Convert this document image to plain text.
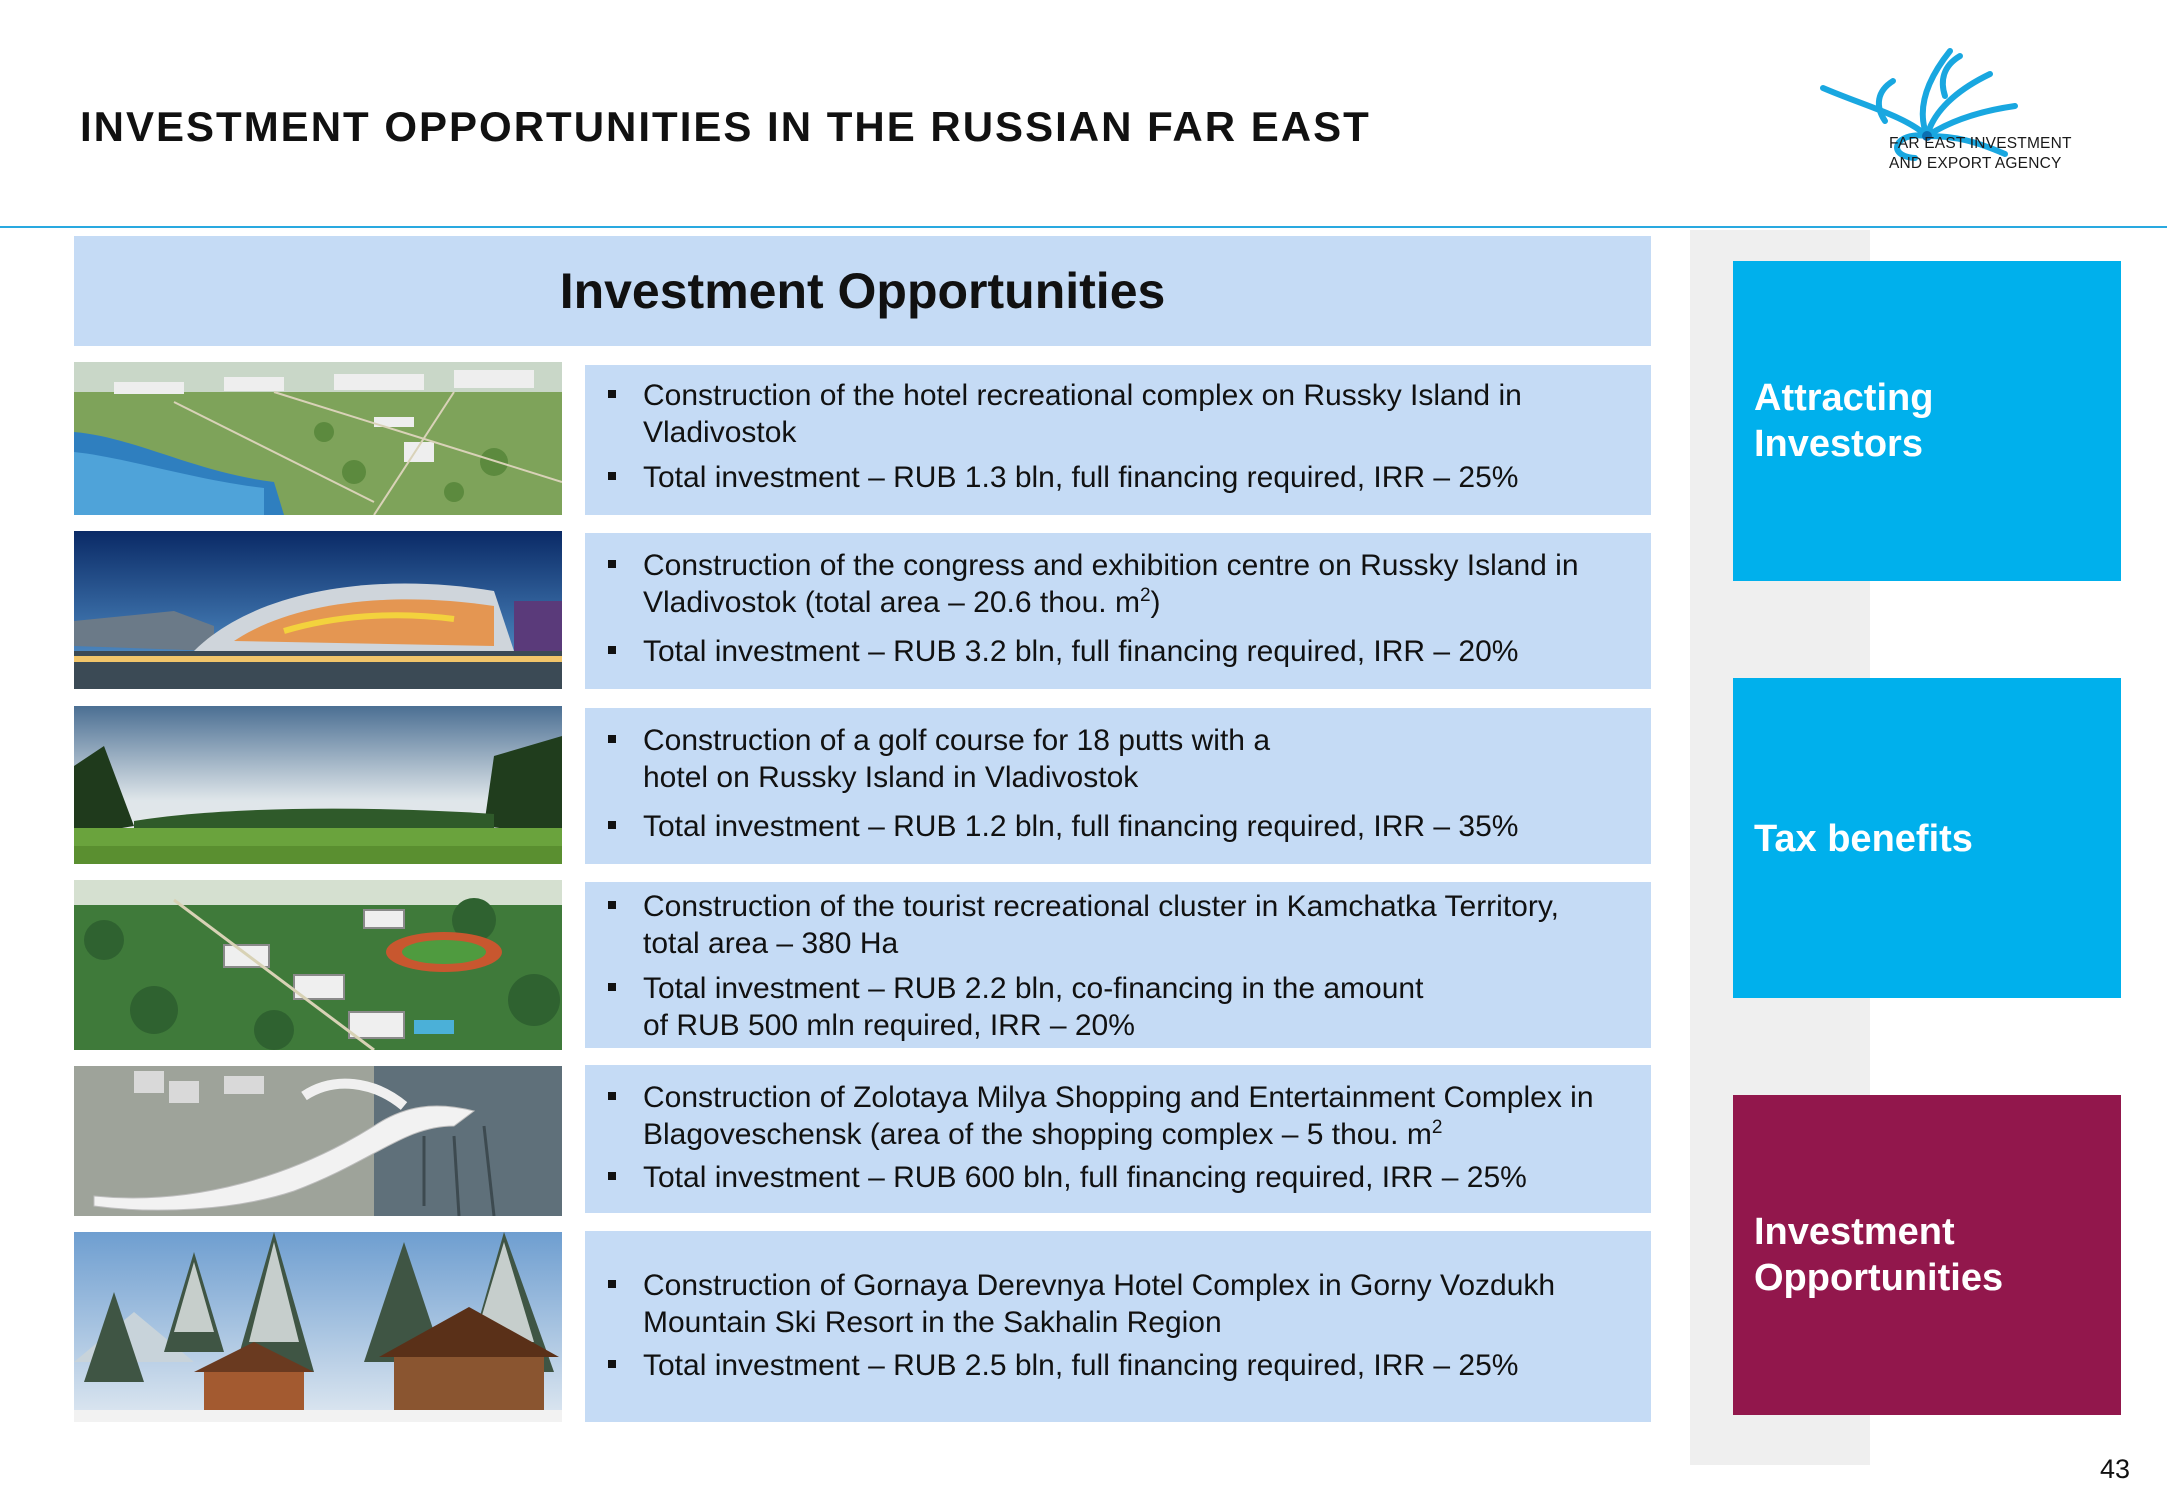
INVESTMENT OPPORTUNITIES IN THE RUSSIAN FAR EAST	FAR EAST INVESTMENT
AND EXPORT AGENCY
Investment Opportunities
Construction of the hotel recreational complex on Russky Island in Vladivostok
Total investment – RUB 1.3 bln, full financing required, IRR – 25%
Construction of the congress and exhibition centre on Russky Island in Vladivostok (total area – 20.6 thou. $m^2$)
Total investment – RUB 3.2 bln, full financing required, IRR – 20%
Construction of a golf course for 18 putts with a hotel on Russky Island in Vladivostok
Total investment – RUB 1.2 bln, full financing required, IRR – 35%
Construction of the tourist recreational cluster in Kamchatka Territory, total area – 380 Ha
Total investment – RUB 2.2 bln, co-financing in the amount of RUB 500 mln required, IRR – 20%
Construction of Zolotaya Milya Shopping and Entertainment Complex in Blagoveschensk (area of the shopping complex – 5 thou. $m^2$
Total investment – RUB 600 bln, full financing required, IRR – 25%
Construction of Gornaya Derevnya Hotel Complex in Gorny Vozdukh Mountain Ski Resort in the Sakhalin Region
Total investment – RUB 2.5 bln, full financing required, IRR – 25%
Attracting Investors
Tax benefits
Investment Opportunities
43
